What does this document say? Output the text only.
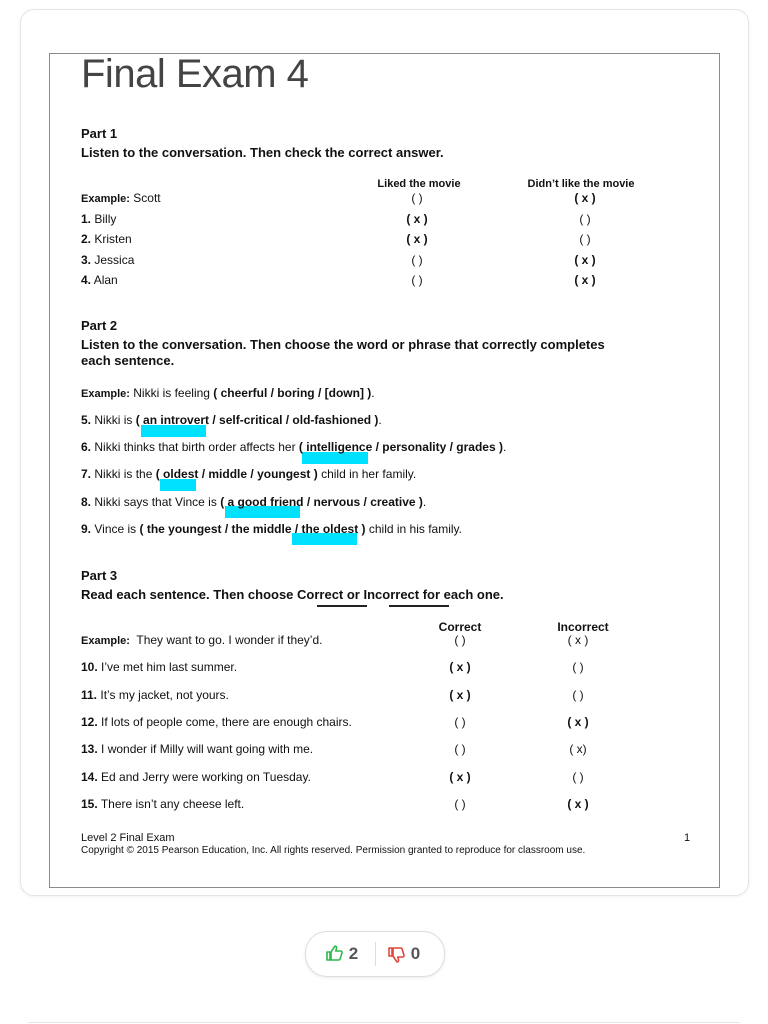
Final Exam 4
Part 1
Listen to the conversation. Then check the correct answer.
Liked the movie	Didn’t like the movie
Example: Scott	( )	( x )
1. Billy	( x )	( )
2. Kristen	( x )	( )
3. Jessica	( )	( x )
4. Alan	( )	( x )
Part 2
Listen to the conversation. Then choose the word or phrase that correctly completes
each sentence.
Example: Nikki is feeling ( cheerful / boring / [down] ).
5. Nikki is ( an introvert / self-critical / old-fashioned ).
6. Nikki thinks that birth order affects her ( intelligence / personality / grades ).
7. Nikki is the ( oldest / middle / youngest ) child in her family.
8. Nikki says that Vince is ( a good friend / nervous / creative ).
9. Vince is ( the youngest / the middle / the oldest ) child in his family.
Part 3
Read each sentence. Then choose Correct or Incorrect for each one.
Correct	Incorrect
Example: They want to go. I wonder if they’d.	( )	( x )
10. I’ve met him last summer.	( x )	( )
11. It’s my jacket, not yours.	( x )	( )
12. If lots of people come, there are enough chairs.	( )	( x )
13. I wonder if Milly will want going with me.	( )	( x)
14. Ed and Jerry were working on Tuesday.	( x )	( )
15. There isn’t any cheese left.	( )	( x )
Level 2 Final Exam	1
Copyright © 2015 Pearson Education, Inc. All rights reserved. Permission granted to reproduce for classroom use.
2	0
